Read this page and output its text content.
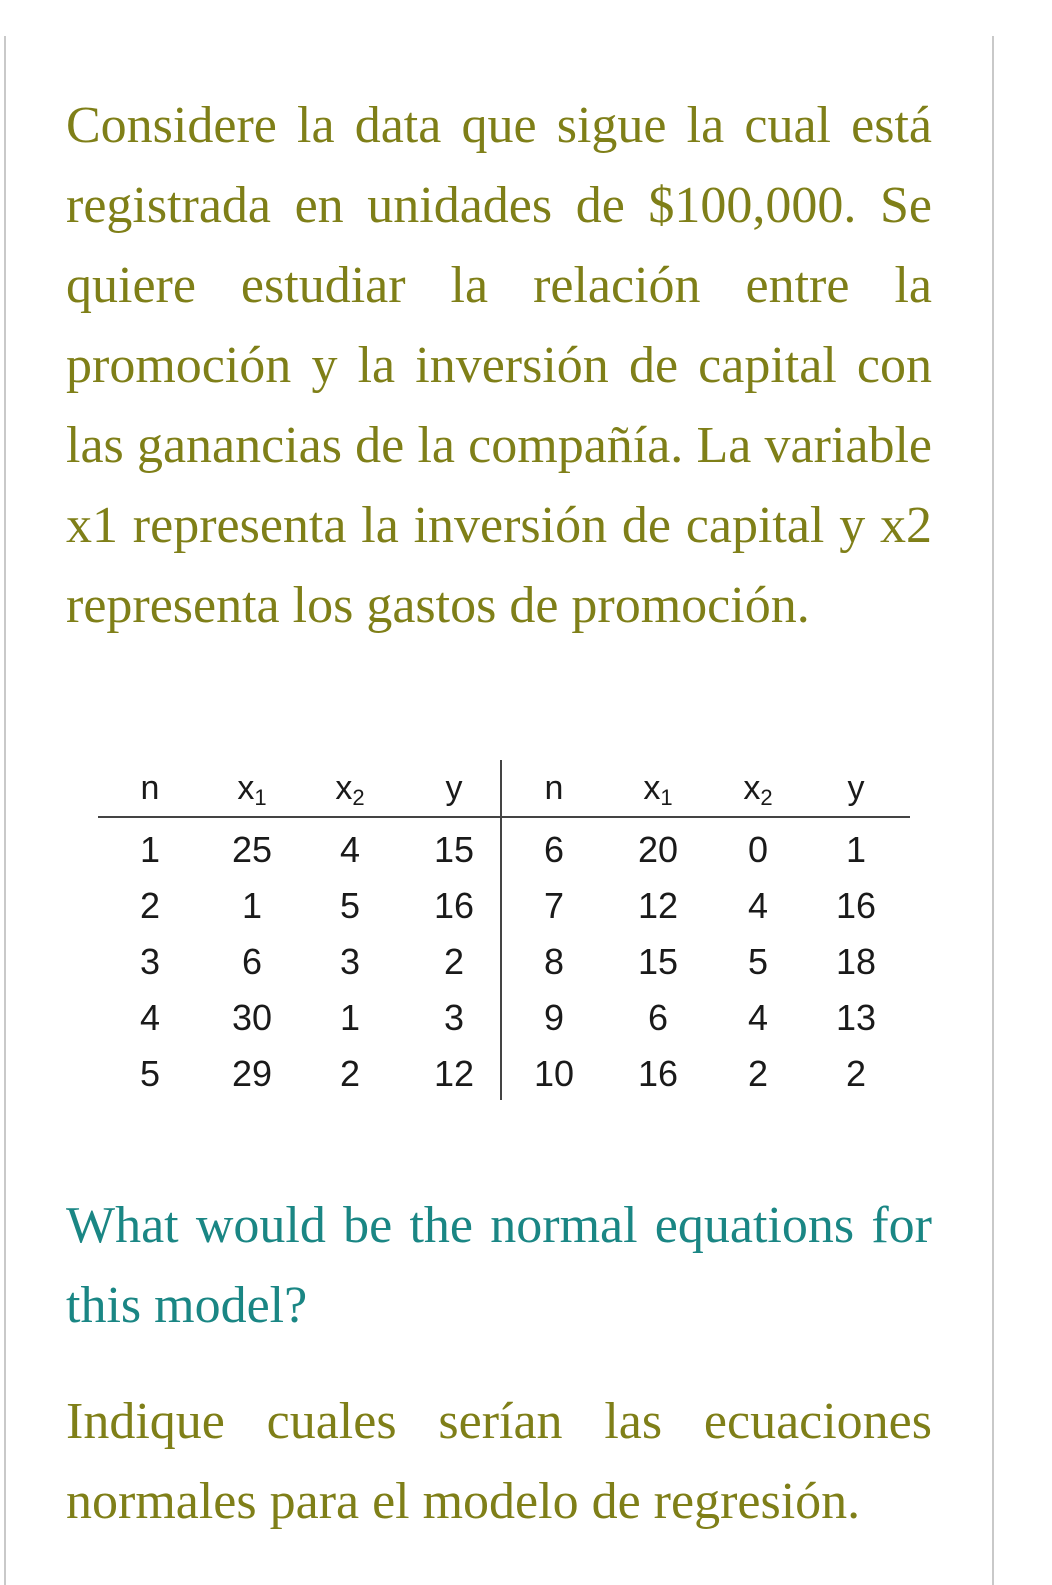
Considere la data que sigue la cual está registrada en unidades de $100,000. Se quiere estudiar la relación entre la promoción y la inversión de capital con las ganancias de la compañía. La variable x1 representa la inversión de capital y x2 representa los gastos de promoción.

n	$x_1$	$x_2$	y	n	$x_1$	$x_2$	y
1	25	4	15	6	20	0	1
2	1	5	16	7	12	4	16
3	6	3	2	8	15	5	18
4	30	1	3	9	6	4	13
5	29	2	12	10	16	2	2

What would be the normal equations for this model?

Indique cuales serían las ecuaciones normales para el modelo de regresión.
